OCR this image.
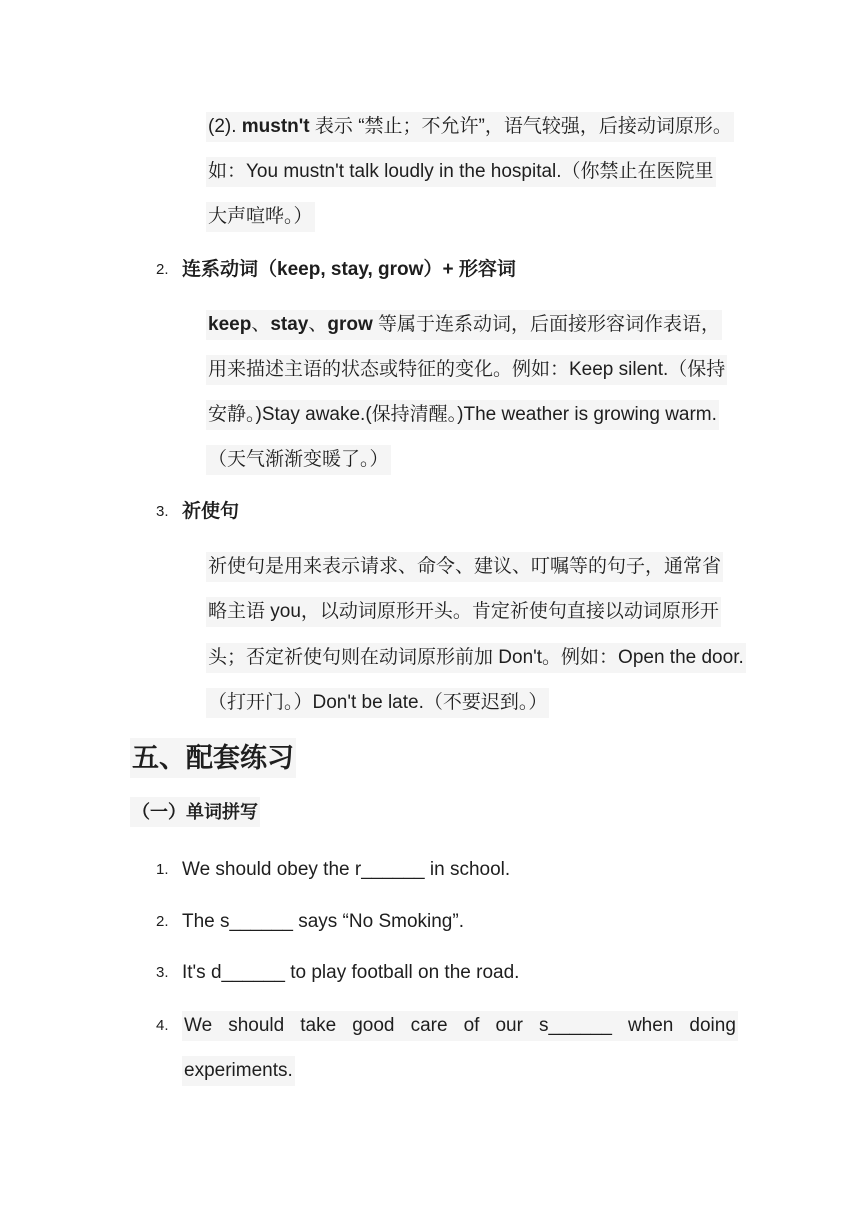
(2). mustn't 表示 “禁止；不允许”，语气较强，后接动词原形。
如：You mustn't talk loudly in the hospital.（你禁止在医院里
大声喧哗。）
2. 连系动词（keep, stay, grow）+ 形容词
keep、stay、grow 等属于连系动词，后面接形容词作表语，
用来描述主语的状态或特征的变化。例如：Keep silent.（保持
安静。)Stay awake.(保持清醒。)The weather is growing warm.
（天气渐渐变暖了。）
3. 祈使句
祈使句是用来表示请求、命令、建议、叮嘱等的句子，通常省
略主语 you，以动词原形开头。肯定祈使句直接以动词原形开
头；否定祈使句则在动词原形前加 Don't。例如：Open the door.
（打开门。）Don't be late.（不要迟到。）
五、配套练习
（一）单词拼写
1. We should obey the r______ in school.
2. The s______ says “No Smoking”.
3. It's d______ to play football on the road.
4. We should take good care of our s______ when doing
experiments.
